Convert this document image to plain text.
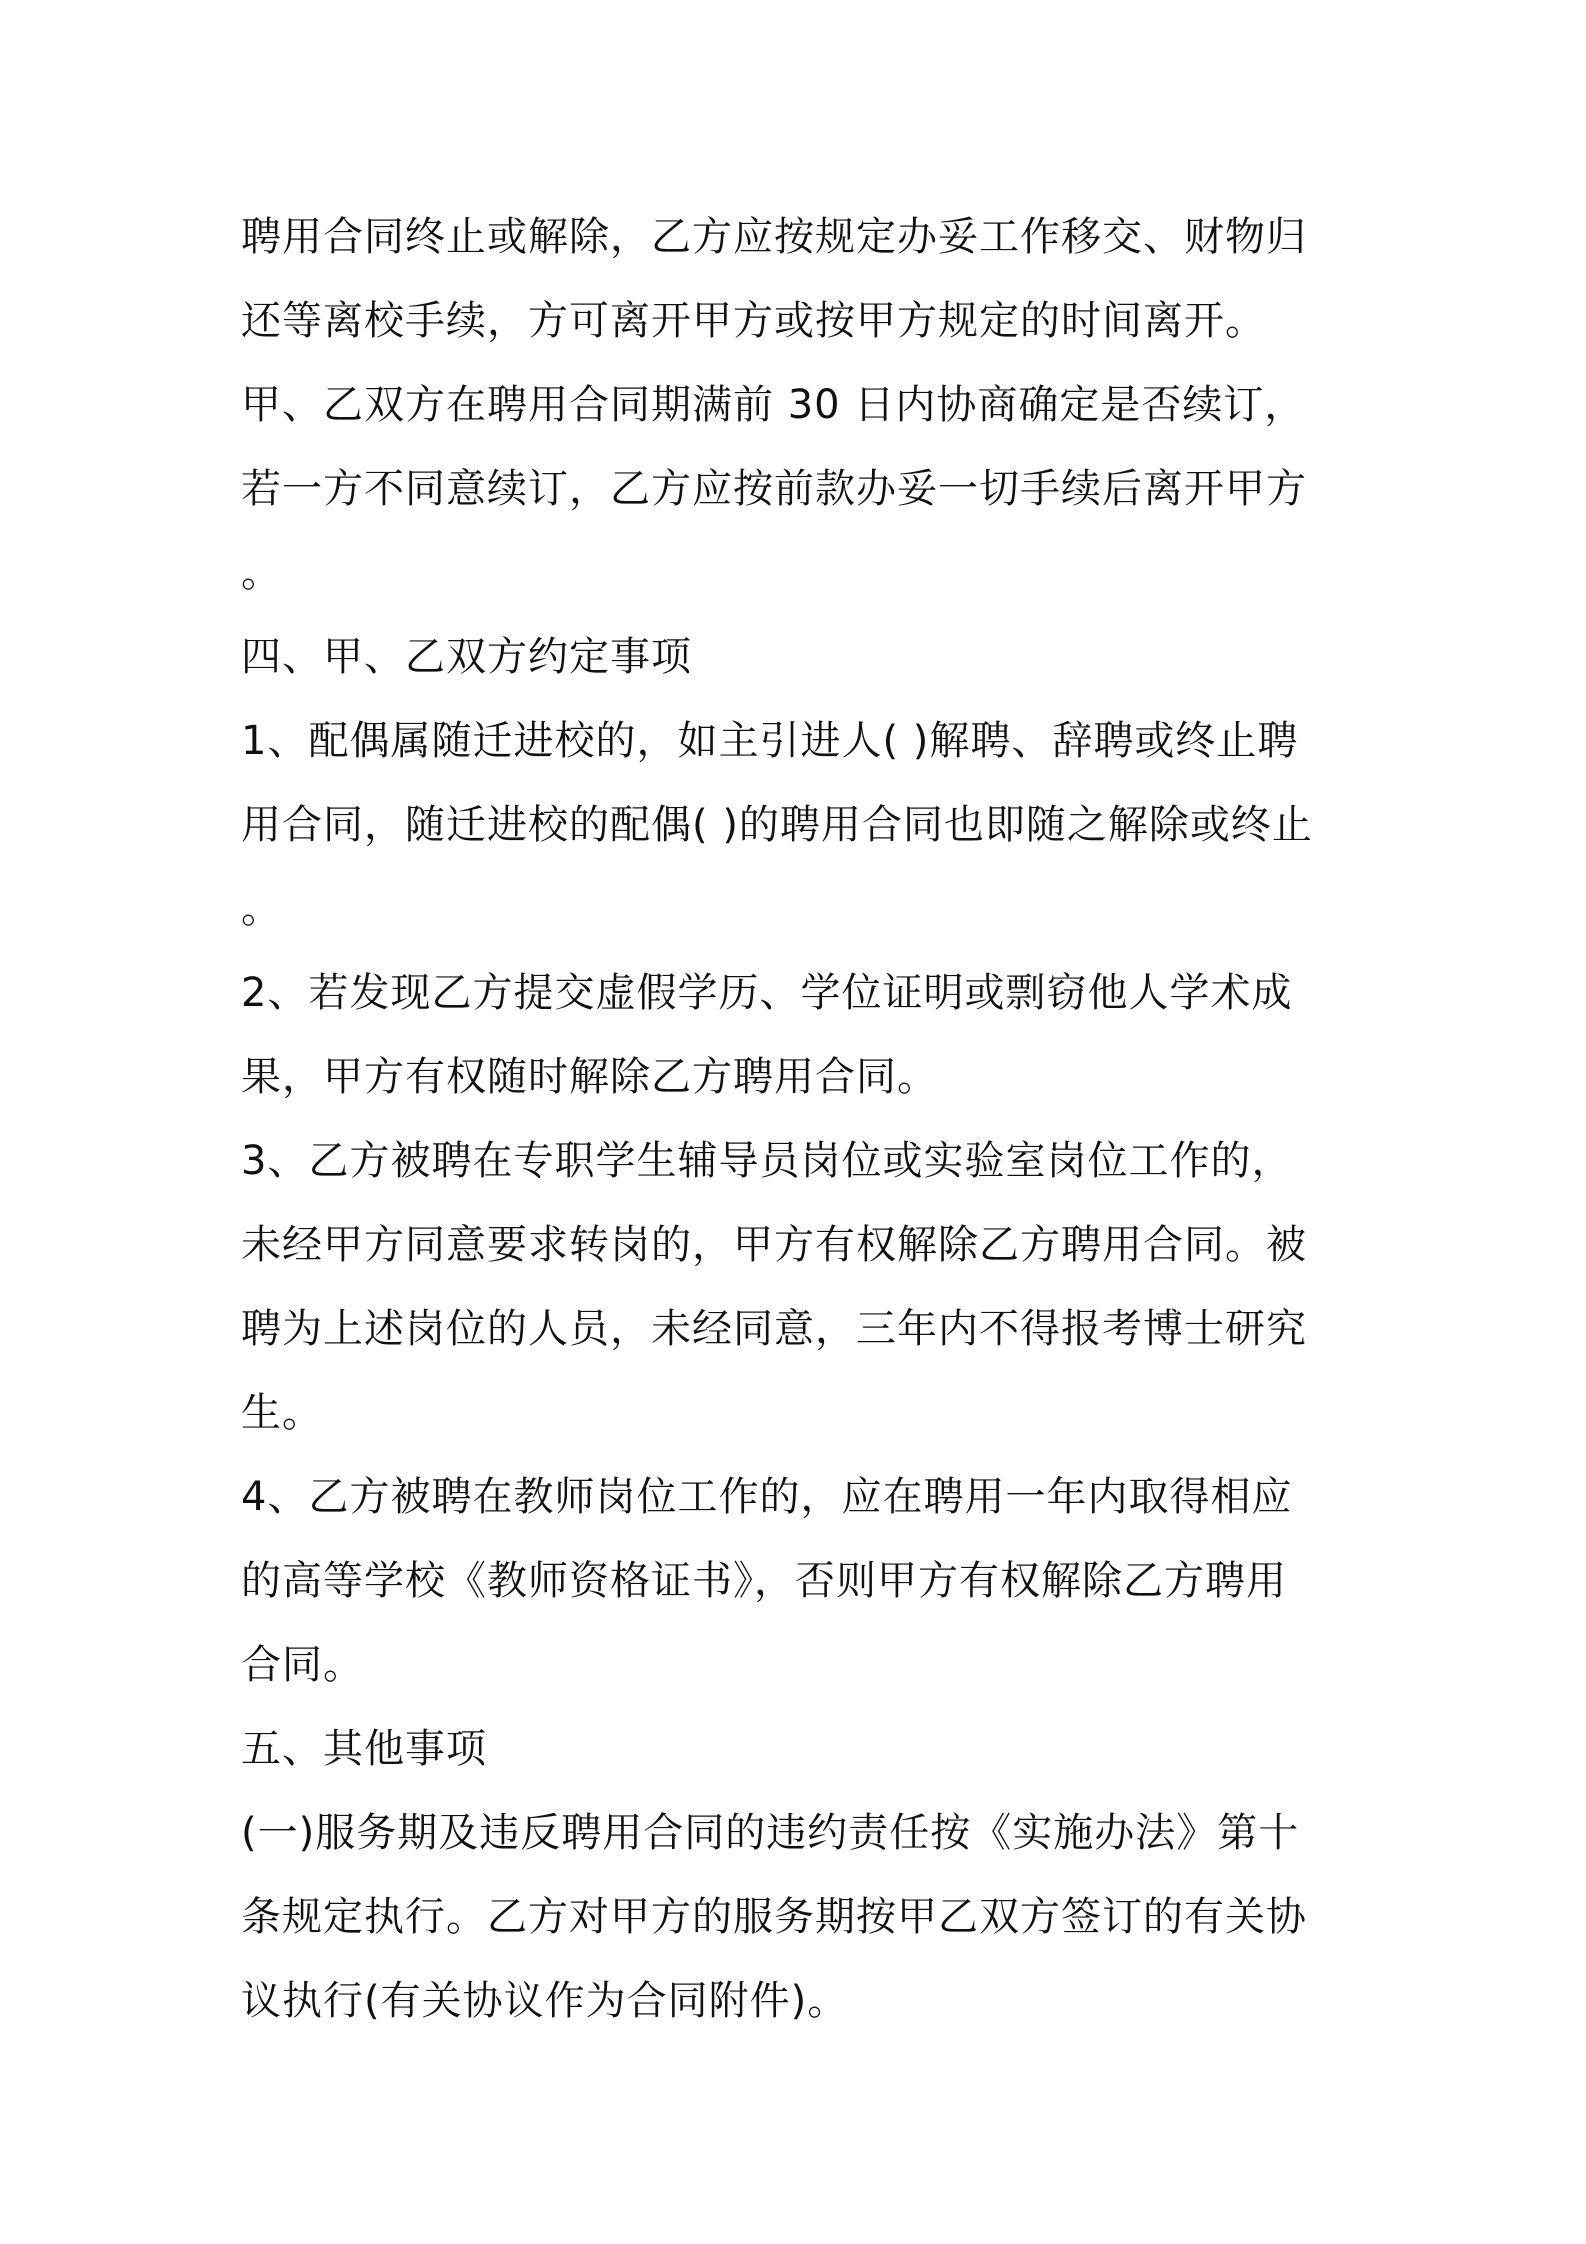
聘用合同终止或解除，乙方应按规定办妥工作移交、财物归
还等离校手续，方可离开甲方或按甲方规定的时间离开。
甲、乙双方在聘用合同期满前 30 日内协商确定是否续订，
若一方不同意续订，乙方应按前款办妥一切手续后离开甲方
。
四、甲、乙双方约定事项
1、配偶属随迁进校的，如主引进人( )解聘、辞聘或终止聘
用合同，随迁进校的配偶( )的聘用合同也即随之解除或终止
。
2、若发现乙方提交虚假学历、学位证明或剽窃他人学术成
果，甲方有权随时解除乙方聘用合同。
3、乙方被聘在专职学生辅导员岗位或实验室岗位工作的，
未经甲方同意要求转岗的，甲方有权解除乙方聘用合同。被
聘为上述岗位的人员，未经同意，三年内不得报考博士研究
生。
4、乙方被聘在教师岗位工作的，应在聘用一年内取得相应
的高等学校《教师资格证书》，否则甲方有权解除乙方聘用
合同。
五、其他事项
(一)服务期及违反聘用合同的违约责任按《实施办法》第十
条规定执行。乙方对甲方的服务期按甲乙双方签订的有关协
议执行(有关协议作为合同附件)。
